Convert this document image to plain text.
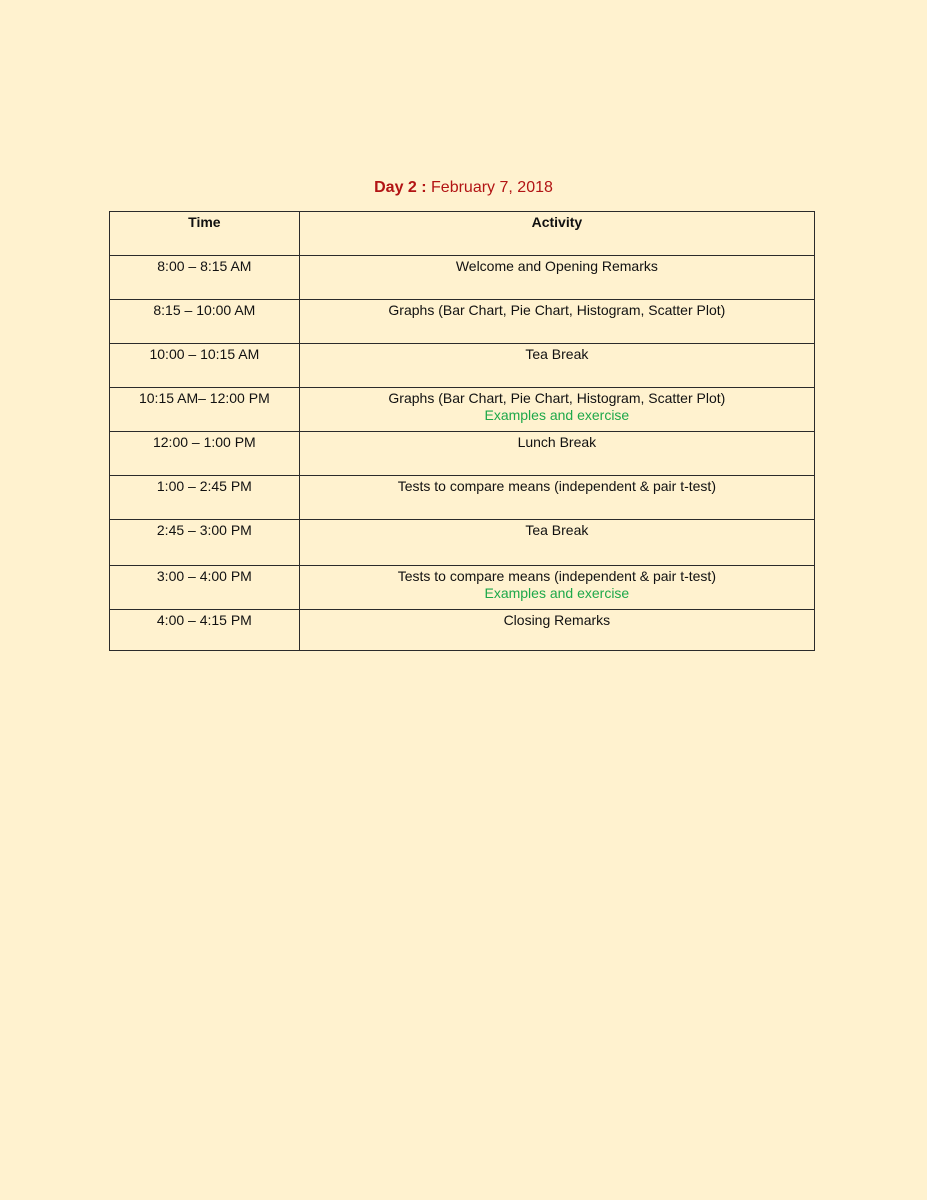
Day 2 : February 7, 2018
Time	Activity
8:00 – 8:15 AM	Welcome and Opening Remarks
8:15 – 10:00 AM	Graphs (Bar Chart, Pie Chart, Histogram, Scatter Plot)
10:00 – 10:15 AM	Tea Break
10:15 AM– 12:00 PM	Graphs (Bar Chart, Pie Chart, Histogram, Scatter Plot)
Examples and exercise

12:00 – 1:00 PM	Lunch Break
1:00 – 2:45 PM	Tests to compare means (independent & pair t-test)
2:45 – 3:00 PM	Tea Break
3:00 – 4:00 PM	Tests to compare means (independent & pair t-test)
Examples and exercise

4:00 – 4:15 PM	Closing Remarks
